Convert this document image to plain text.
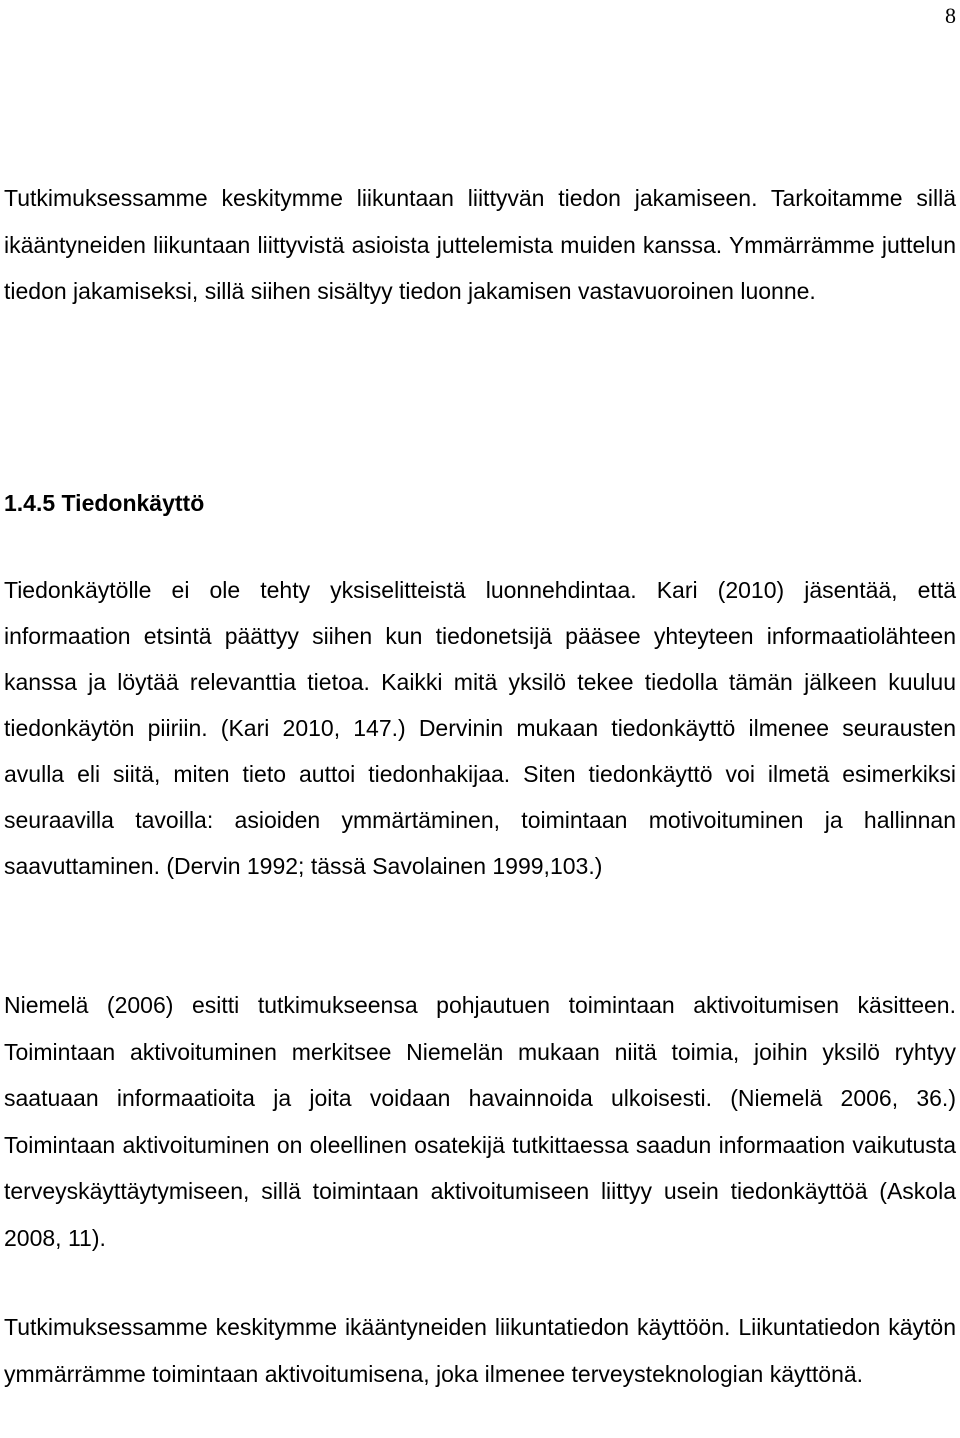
8

Tutkimuksessamme keskitymme liikuntaan liittyvän tiedon jakamiseen. Tarkoitamme sillä ikääntyneiden liikuntaan liittyvistä asioista juttelemista muiden kanssa. Ymmärrämme juttelun tiedon jakamiseksi, sillä siihen sisältyy tiedon jakamisen vastavuoroinen luonne.

1.4.5 Tiedonkäyttö

Tiedonkäytölle ei ole tehty yksiselitteistä luonnehdintaa. Kari (2010) jäsentää, että informaation etsintä päättyy siihen kun tiedonetsijä pääsee yhteyteen informaatiolähteen kanssa ja löytää relevanttia tietoa. Kaikki mitä yksilö tekee tiedolla tämän jälkeen kuuluu tiedonkäytön piiriin. (Kari 2010, 147.) Dervinin mukaan tiedonkäyttö ilmenee seurausten avulla eli siitä, miten tieto auttoi tiedonhakijaa. Siten tiedonkäyttö voi ilmetä esimerkiksi seuraavilla tavoilla: asioiden ymmärtäminen, toimintaan motivoituminen ja hallinnan saavuttaminen. (Dervin 1992; tässä Savolainen 1999,103.)

Niemelä (2006) esitti tutkimukseensa pohjautuen toimintaan aktivoitumisen käsitteen. Toimintaan aktivoituminen merkitsee Niemelän mukaan niitä toimia, joihin yksilö ryhtyy saatuaan informaatioita ja joita voidaan havainnoida ulkoisesti. (Niemelä 2006, 36.) Toimintaan aktivoituminen on oleellinen osatekijä tutkittaessa saadun informaation vaikutusta terveyskäyttäytymiseen, sillä toimintaan aktivoitumiseen liittyy usein tiedonkäyttöä (Askola 2008, 11).

Tutkimuksessamme keskitymme ikääntyneiden liikuntatiedon käyttöön. Liikuntatiedon käytön ymmärrämme toimintaan aktivoitumisena, joka ilmenee terveysteknologian käyttönä.
